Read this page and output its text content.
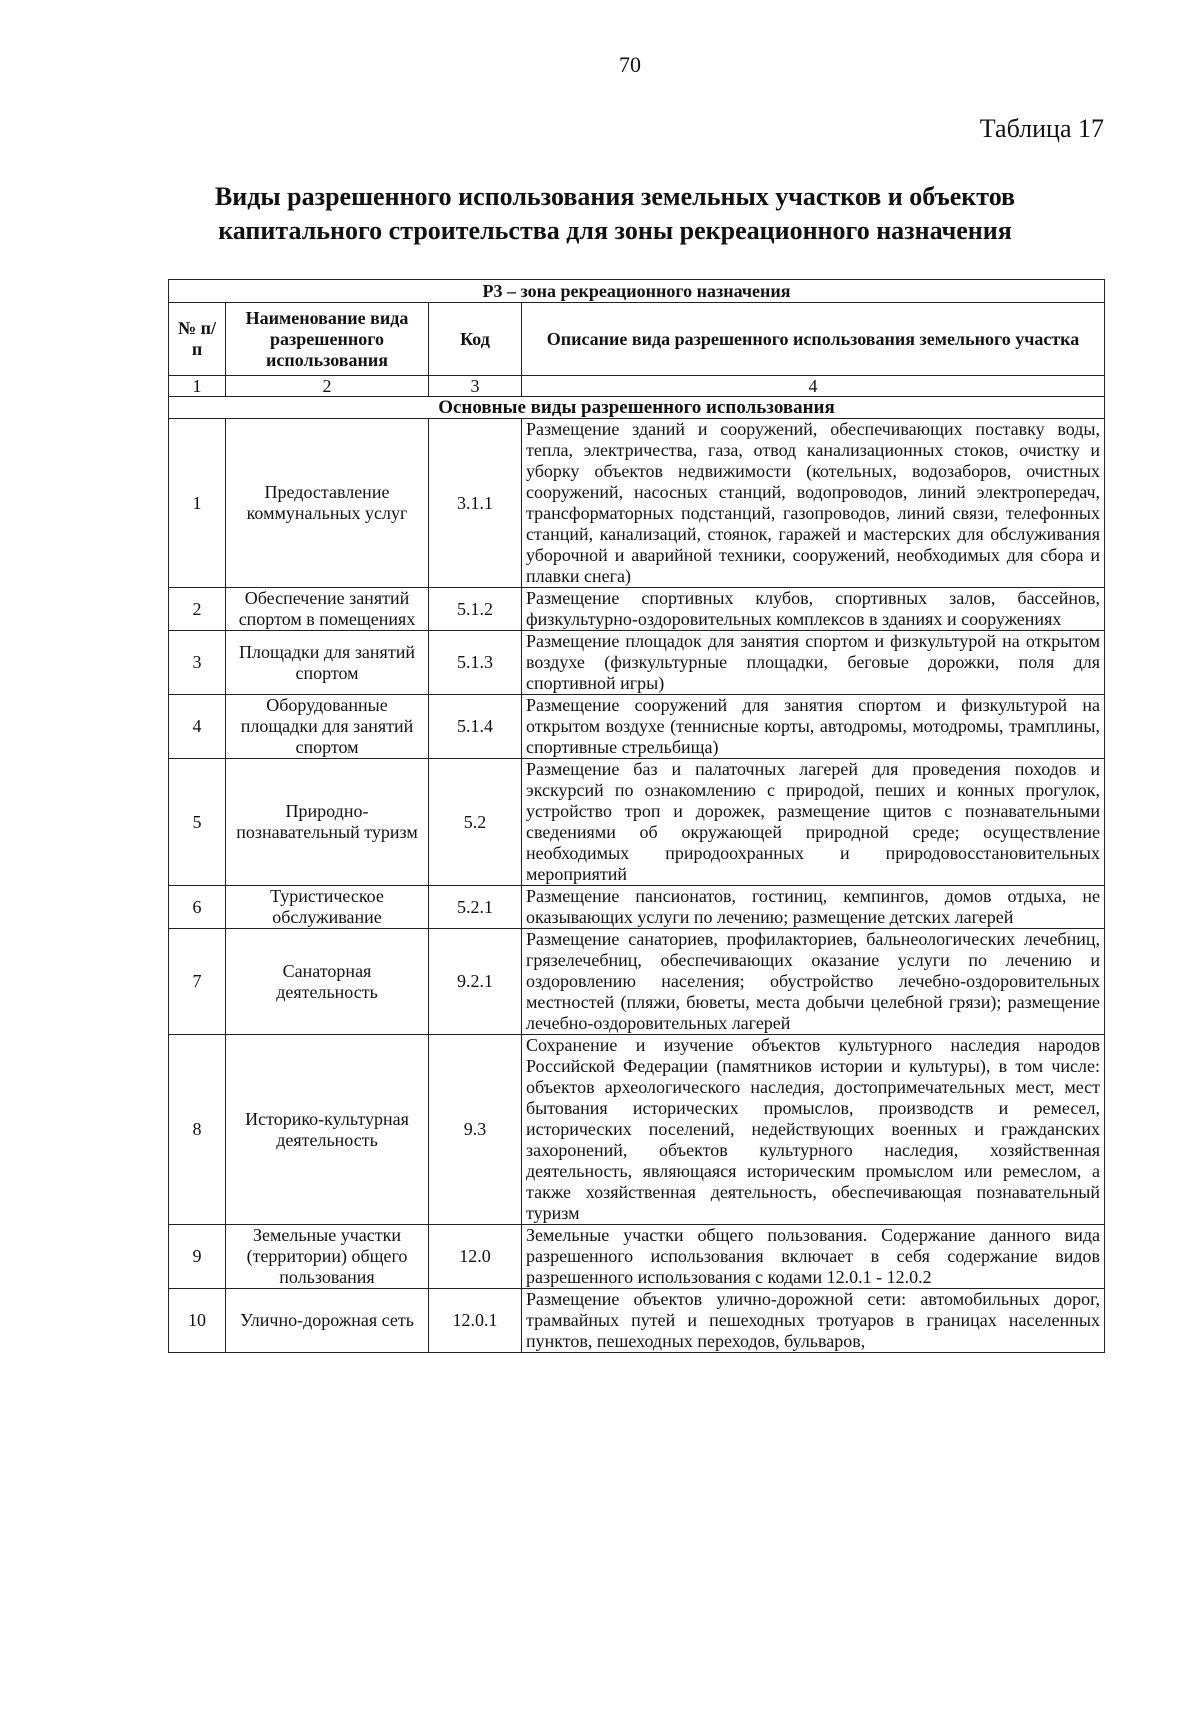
70
Таблица 17
Виды разрешенного использования земельных участков и объектов
капитального строительства для зоны рекреационного назначения
Р3 – зона рекреационного назначения			
№ п/п	Наименование вида разрешенного использования	Код	Описание вида разрешенного использования земельного участка
1	2	3	4
Основные виды разрешенного использования			
1	Предоставление коммунальных услуг	3.1.1	Размещение зданий и сооружений, обеспечивающих поставку воды, тепла, электричества, газа, отвод канализационных стоков, очистку и уборку объектов недвижимости (котельных, водозаборов, очистных сооружений, насосных станций, водопроводов, линий электропередач, трансформаторных подстанций, газопроводов, линий связи, телефонных станций, канализаций, стоянок, гаражей и мастерских для обслуживания уборочной и аварийной техники, сооружений, необходимых для сбора и плавки снега)
2	Обеспечение занятий спортом в помещениях	5.1.2	Размещение спортивных клубов, спортивных залов, бассейнов, физкультурно-оздоровительных комплексов в зданиях и сооружениях
3	Площадки для занятий спортом	5.1.3	Размещение площадок для занятия спортом и физкультурой на открытом воздухе (физкультурные площадки, беговые дорожки, поля для спортивной игры)
4	Оборудованные площадки для занятий спортом	5.1.4	Размещение сооружений для занятия спортом и физкультурой на открытом воздухе (теннисные корты, автодромы, мотодромы, трамплины, спортивные стрельбища)
5	Природно-познавательный туризм	5.2	Размещение баз и палаточных лагерей для проведения походов и экскурсий по ознакомлению с природой, пеших и конных прогулок, устройство троп и дорожек, размещение щитов с познавательными сведениями об окружающей природной среде; осуществление необходимых природоохранных и природовосстановительных мероприятий
6	Туристическое обслуживание	5.2.1	Размещение пансионатов, гостиниц, кемпингов, домов отдыха, не оказывающих услуги по лечению; размещение детских лагерей
7	Санаторная деятельность	9.2.1	Размещение санаториев, профилакториев, бальнеологических лечебниц, грязелечебниц, обеспечивающих оказание услуги по лечению и оздоровлению населения; обустройство лечебно-оздоровительных местностей (пляжи, бюветы, места добычи целебной грязи); размещение лечебно-оздоровительных лагерей
8	Историко-культурная деятельность	9.3	Сохранение и изучение объектов культурного наследия народов Российской Федерации (памятников истории и культуры), в том числе: объектов археологического наследия, достопримечательных мест, мест бытования исторических промыслов, производств и ремесел, исторических поселений, недействующих военных и гражданских захоронений, объектов культурного наследия, хозяйственная деятельность, являющаяся историческим промыслом или ремеслом, а также хозяйственная деятельность, обеспечивающая познавательный туризм
9	Земельные участки (территории) общего пользования	12.0	Земельные участки общего пользования. Содержание данного вида разрешенного использования включает в себя содержание видов разрешенного использования с кодами 12.0.1 - 12.0.2
10	Улично-дорожная сеть	12.0.1	Размещение объектов улично-дорожной сети: автомобильных дорог, трамвайных путей и пешеходных тротуаров в границах населенных пунктов, пешеходных переходов, бульваров,
